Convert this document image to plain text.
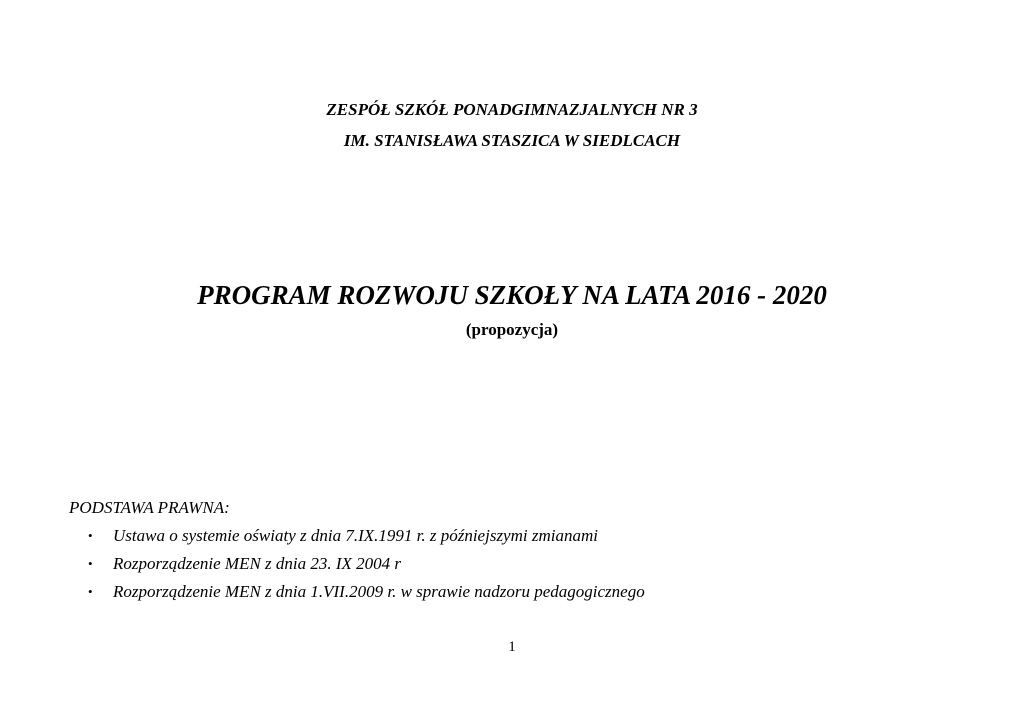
ZESPÓŁ SZKÓŁ PONADGIMNAZJALNYCH NR 3
IM. STANISŁAWA STASZICA W SIEDLCACH
PROGRAM ROZWOJU SZKOŁY NA LATA 2016 - 2020
(propozycja)
PODSTAWA PRAWNA:
• Ustawa o systemie oświaty z dnia 7.IX.1991 r. z późniejszymi zmianami
• Rozporządzenie MEN z dnia 23. IX 2004 r
• Rozporządzenie MEN z dnia 1.VII.2009 r. w sprawie nadzoru pedagogicznego
1
